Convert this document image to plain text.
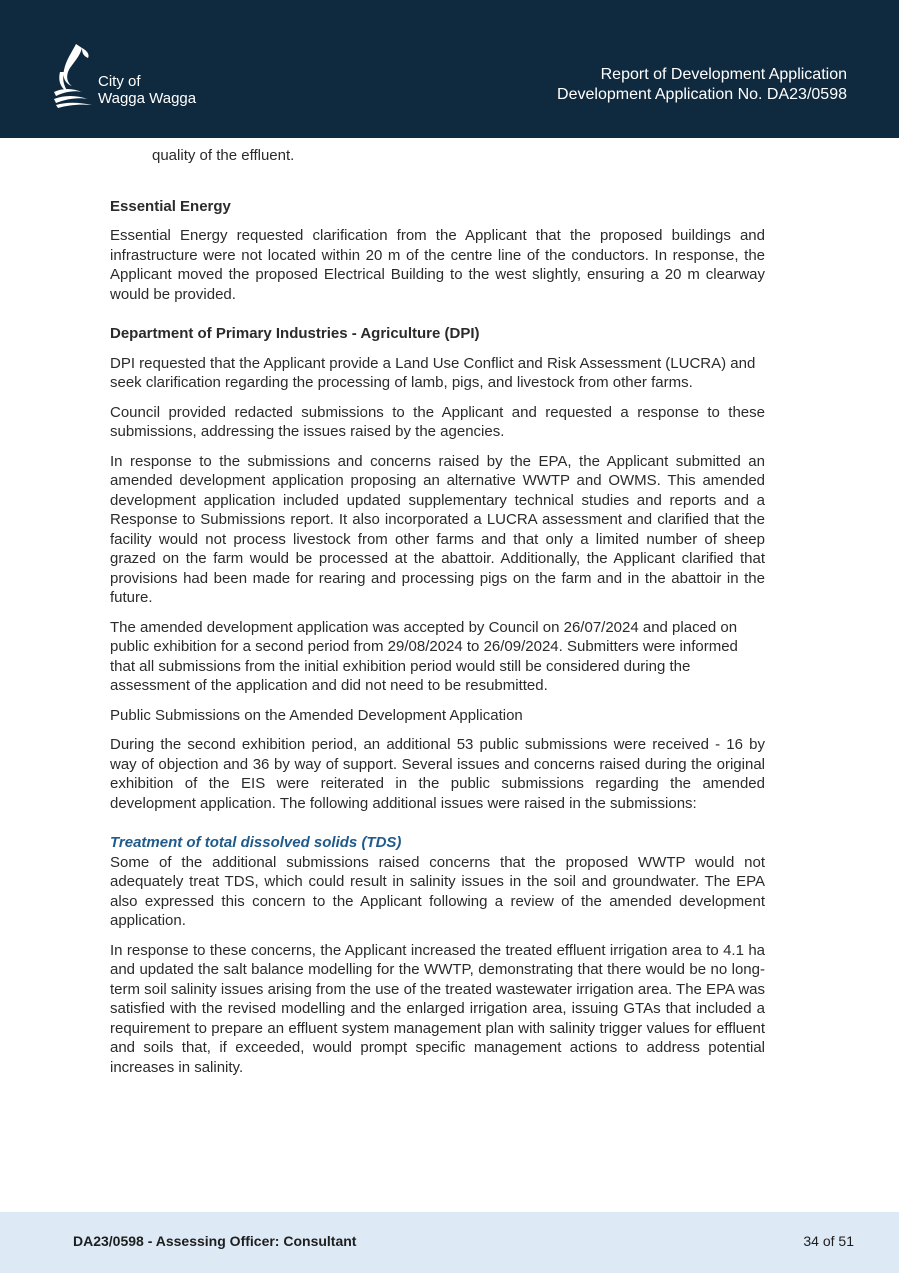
City of
Wagga Wagga
Report of Development Application
Development Application No. DA23/0598

quality of the effluent.

Essential Energy

Essential Energy requested clarification from the Applicant that the proposed buildings and infrastructure were not located within 20 m of the centre line of the conductors. In response, the Applicant moved the proposed Electrical Building to the west slightly, ensuring a 20 m clearway would be provided.

Department of Primary Industries - Agriculture (DPI)

DPI requested that the Applicant provide a Land Use Conflict and Risk Assessment (LUCRA) and seek clarification regarding the processing of lamb, pigs, and livestock from other farms.

Council provided redacted submissions to the Applicant and requested a response to these submissions, addressing the issues raised by the agencies.

In response to the submissions and concerns raised by the EPA, the Applicant submitted an amended development application proposing an alternative WWTP and OWMS. This amended development application included updated supplementary technical studies and reports and a Response to Submissions report. It also incorporated a LUCRA assessment and clarified that the facility would not process livestock from other farms and that only a limited number of sheep grazed on the farm would be processed at the abattoir. Additionally, the Applicant clarified that provisions had been made for rearing and processing pigs on the farm and in the abattoir in the future.

The amended development application was accepted by Council on 26/07/2024 and placed on public exhibition for a second period from 29/08/2024 to 26/09/2024. Submitters were informed that all submissions from the initial exhibition period would still be considered during the assessment of the application and did not need to be resubmitted.

Public Submissions on the Amended Development Application

During the second exhibition period, an additional 53 public submissions were received - 16 by way of objection and 36 by way of support. Several issues and concerns raised during the original exhibition of the EIS were reiterated in the public submissions regarding the amended development application. The following additional issues were raised in the submissions:

Treatment of total dissolved solids (TDS)

Some of the additional submissions raised concerns that the proposed WWTP would not adequately treat TDS, which could result in salinity issues in the soil and groundwater. The EPA also expressed this concern to the Applicant following a review of the amended development application.

In response to these concerns, the Applicant increased the treated effluent irrigation area to 4.1 ha and updated the salt balance modelling for the WWTP, demonstrating that there would be no long-term soil salinity issues arising from the use of the treated wastewater irrigation area. The EPA was satisfied with the revised modelling and the enlarged irrigation area, issuing GTAs that included a requirement to prepare an effluent system management plan with salinity trigger values for effluent and soils that, if exceeded, would prompt specific management actions to address potential increases in salinity.

DA23/0598 - Assessing Officer: Consultant	34 of 51
